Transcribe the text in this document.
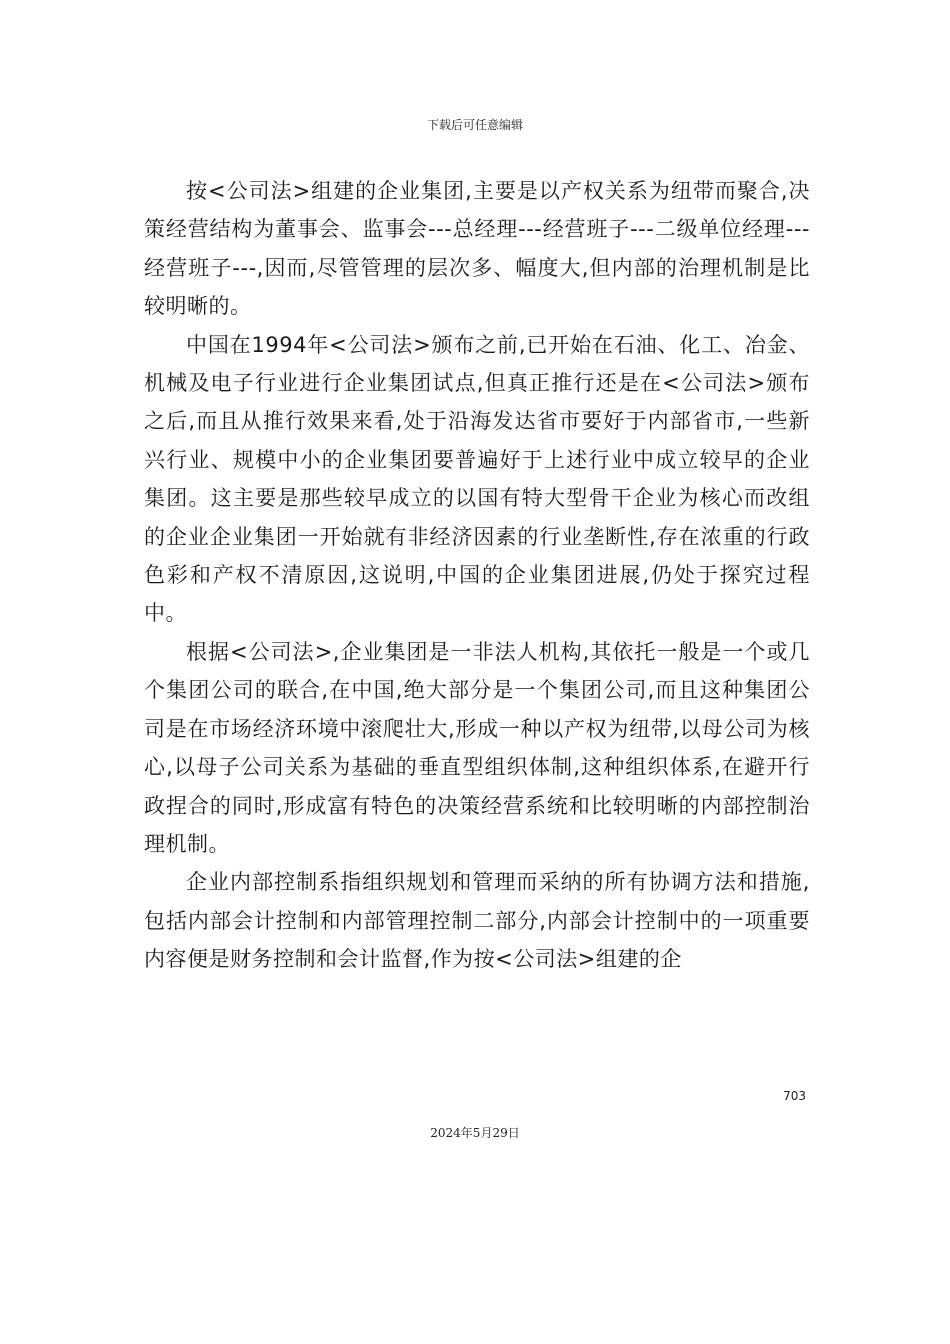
下载后可任意编辑

按<公司法>组建的企业集团,主要是以产权关系为纽带而聚合,决策经营结构为董事会、监事会---总经理---经营班子---二级单位经理---经营班子---,因而,尽管管理的层次多、幅度大,但内部的治理机制是比较明晰的。

中国在1994年<公司法>颁布之前,已开始在石油、化工、冶金、机械及电子行业进行企业集团试点,但真正推行还是在<公司法>颁布之后,而且从推行效果来看,处于沿海发达省市要好于内部省市,一些新兴行业、规模中小的企业集团要普遍好于上述行业中成立较早的企业集团。这主要是那些较早成立的以国有特大型骨干企业为核心而改组的企业企业集团一开始就有非经济因素的行业垄断性,存在浓重的行政色彩和产权不清原因,这说明,中国的企业集团进展,仍处于探究过程中。

根据<公司法>,企业集团是一非法人机构,其依托一般是一个或几个集团公司的联合,在中国,绝大部分是一个集团公司,而且这种集团公司是在市场经济环境中滚爬壮大,形成一种以产权为纽带,以母公司为核心,以母子公司关系为基础的垂直型组织体制,这种组织体系,在避开行政捏合的同时,形成富有特色的决策经营系统和比较明晰的内部控制治理机制。

企业内部控制系指组织规划和管理而采纳的所有协调方法和措施,包括内部会计控制和内部管理控制二部分,内部会计控制中的一项重要内容便是财务控制和会计监督,作为按<公司法>组建的企

703
2024年5月29日
